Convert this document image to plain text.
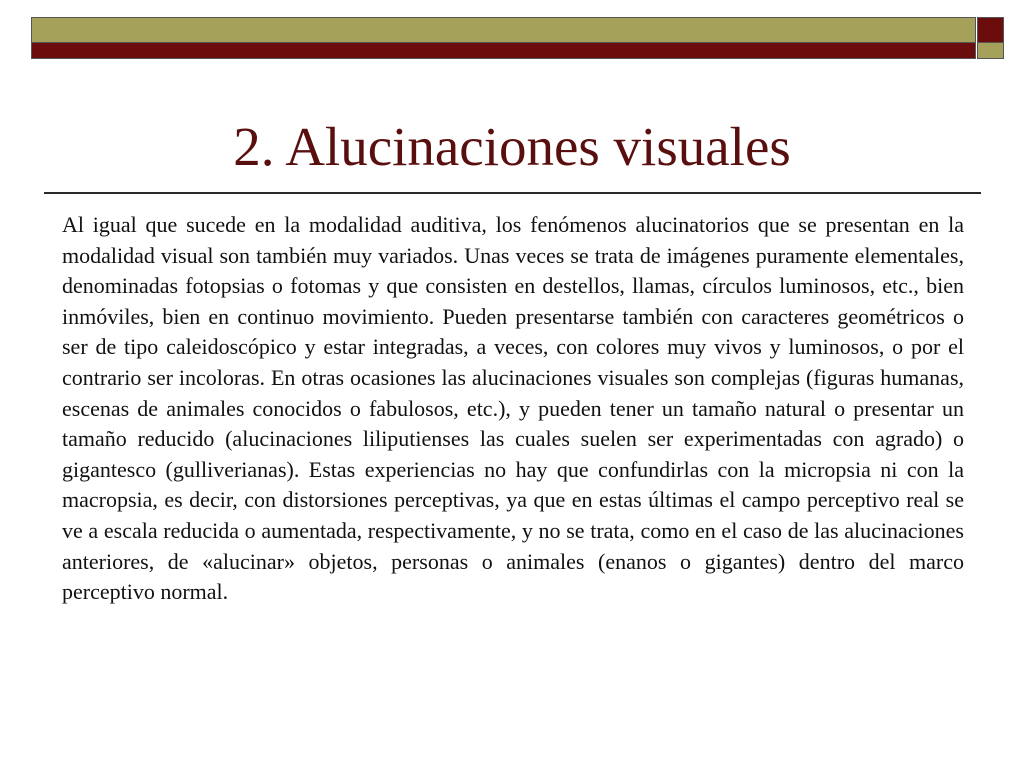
2. Alucinaciones visuales

Al igual que sucede en la modalidad auditiva, los fenómenos alucinatorios que se presentan en la modalidad visual son también muy variados. Unas veces se trata de imágenes puramente elementales, denominadas fotopsias o fotomas y que consisten en destellos, llamas, círculos luminosos, etc., bien inmóviles, bien en continuo movimiento. Pueden presentarse también con caracteres geométricos o ser de tipo caleidoscópico y estar integradas, a veces, con colores muy vivos y luminosos, o por el contrario ser incoloras. En otras ocasiones las alucinaciones visuales son complejas (figuras humanas, escenas de animales conocidos o fabulosos, etc.), y pueden tener un tamaño natural o presentar un tamaño reducido (alucinaciones liliputienses las cuales suelen ser experimentadas con agrado) o gigantesco (gulliverianas). Estas experiencias no hay que confundirlas con la micropsia ni con la macropsia, es decir, con distorsiones perceptivas, ya que en estas últimas el campo perceptivo real se ve a escala reducida o aumentada, respectivamente, y no se trata, como en el caso de las alucinaciones anteriores, de «alucinar» objetos, personas o animales (enanos o gigantes) dentro del marco perceptivo normal.
